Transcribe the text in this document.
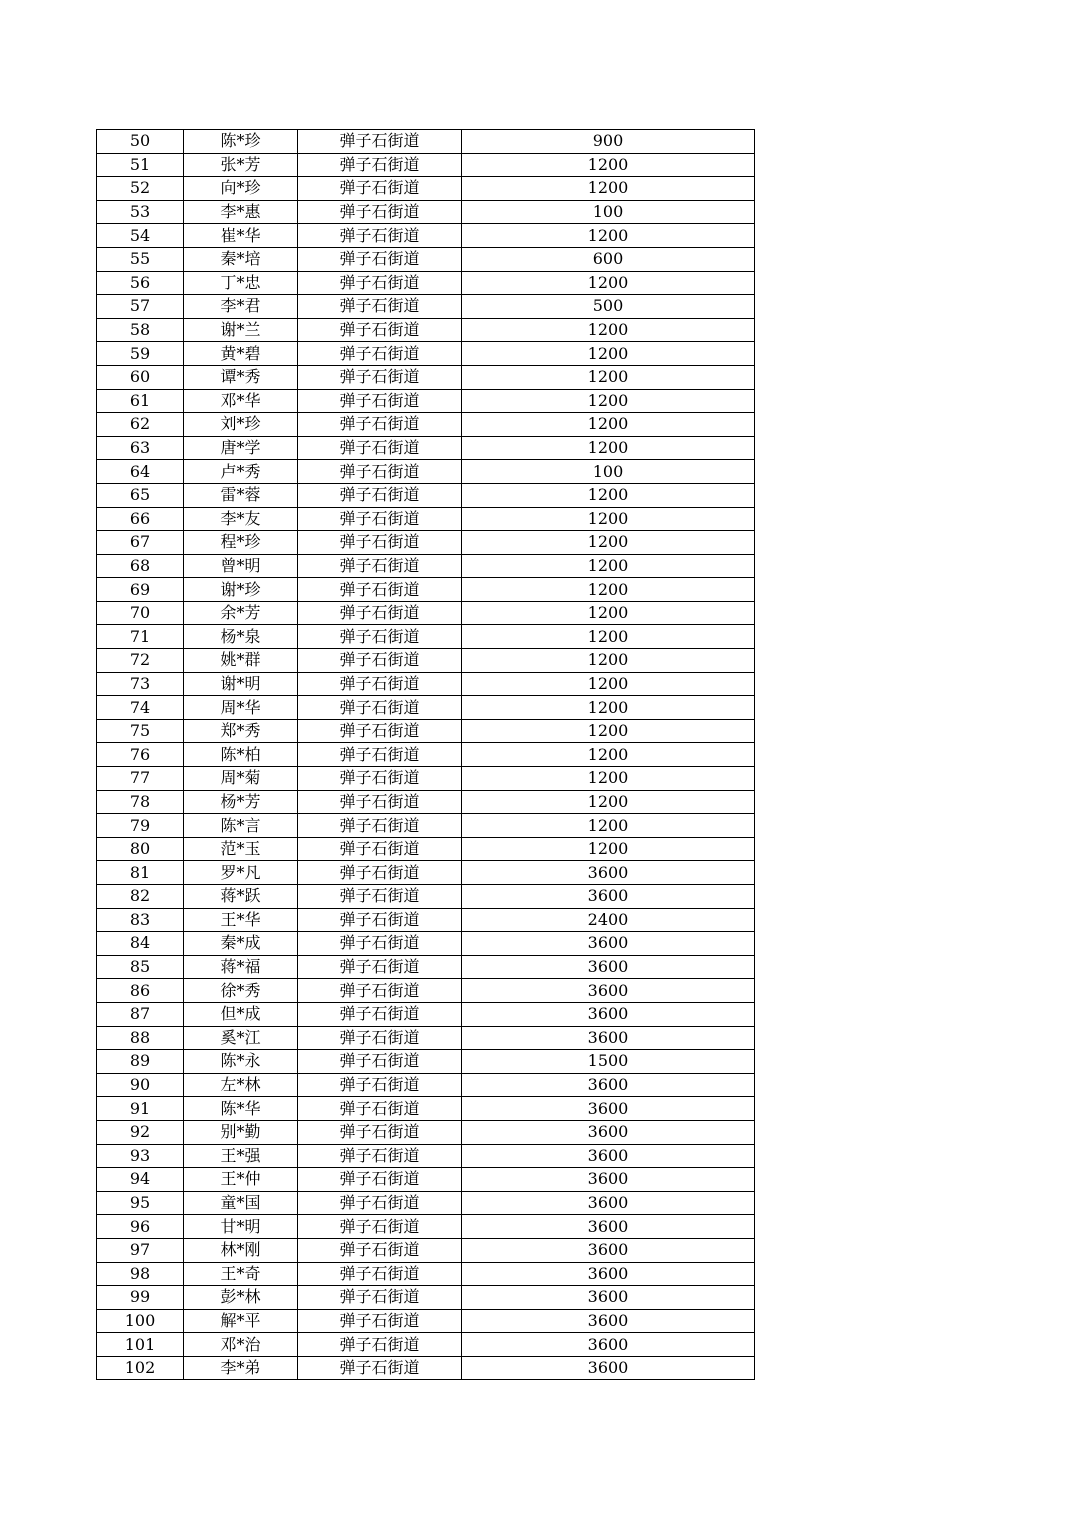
50	陈*珍	弹子石街道	900
51	张*芳	弹子石街道	1200
52	向*珍	弹子石街道	1200
53	李*惠	弹子石街道	100
54	崔*华	弹子石街道	1200
55	秦*培	弹子石街道	600
56	丁*忠	弹子石街道	1200
57	李*君	弹子石街道	500
58	谢*兰	弹子石街道	1200
59	黄*碧	弹子石街道	1200
60	谭*秀	弹子石街道	1200
61	邓*华	弹子石街道	1200
62	刘*珍	弹子石街道	1200
63	唐*学	弹子石街道	1200
64	卢*秀	弹子石街道	100
65	雷*蓉	弹子石街道	1200
66	李*友	弹子石街道	1200
67	程*珍	弹子石街道	1200
68	曾*明	弹子石街道	1200
69	谢*珍	弹子石街道	1200
70	余*芳	弹子石街道	1200
71	杨*泉	弹子石街道	1200
72	姚*群	弹子石街道	1200
73	谢*明	弹子石街道	1200
74	周*华	弹子石街道	1200
75	郑*秀	弹子石街道	1200
76	陈*柏	弹子石街道	1200
77	周*菊	弹子石街道	1200
78	杨*芳	弹子石街道	1200
79	陈*言	弹子石街道	1200
80	范*玉	弹子石街道	1200
81	罗*凡	弹子石街道	3600
82	蒋*跃	弹子石街道	3600
83	王*华	弹子石街道	2400
84	秦*成	弹子石街道	3600
85	蒋*福	弹子石街道	3600
86	徐*秀	弹子石街道	3600
87	但*成	弹子石街道	3600
88	奚*江	弹子石街道	3600
89	陈*永	弹子石街道	1500
90	左*林	弹子石街道	3600
91	陈*华	弹子石街道	3600
92	别*勤	弹子石街道	3600
93	王*强	弹子石街道	3600
94	王*仲	弹子石街道	3600
95	童*国	弹子石街道	3600
96	甘*明	弹子石街道	3600
97	林*刚	弹子石街道	3600
98	王*奇	弹子石街道	3600
99	彭*林	弹子石街道	3600
100	解*平	弹子石街道	3600
101	邓*治	弹子石街道	3600
102	李*弟	弹子石街道	3600
